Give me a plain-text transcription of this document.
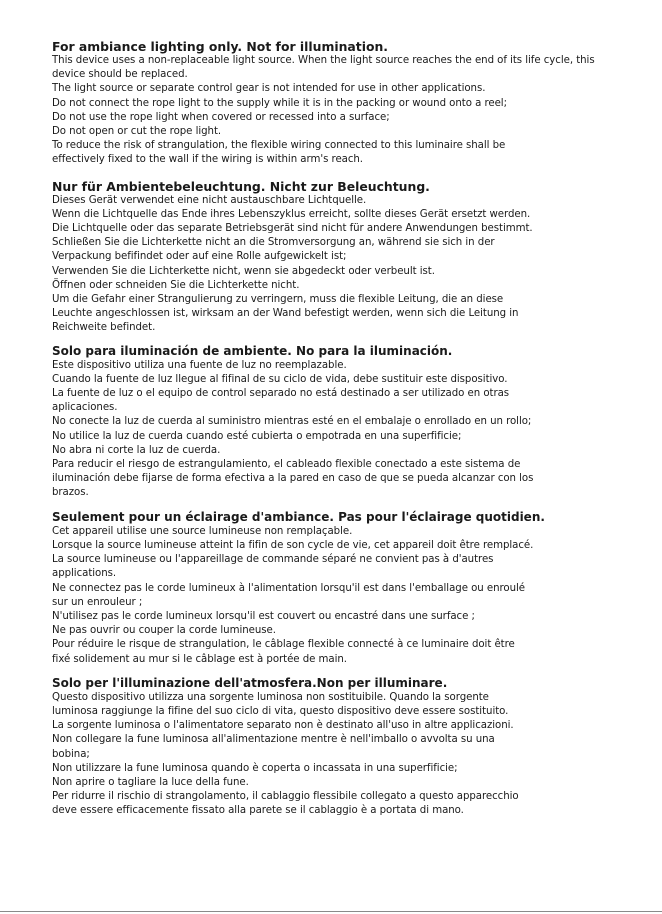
For ambiance lighting only. Not for illumination.

This device uses a non-replaceable light source. When the light source reaches the end of its life cycle, this

device should be replaced.

The light source or separate control gear is not intended for use in other applications.

Do not connect the rope light to the supply while it is in the packing or wound onto a reel;

Do not use the rope light when covered or recessed into a surface;

Do not open or cut the rope light.

To reduce the risk of strangulation, the flexible wiring connected to this luminaire shall be

effectively fixed to the wall if the wiring is within arm's reach.

Nur für Ambientebeleuchtung. Nicht zur Beleuchtung.

Dieses Gerät verwendet eine nicht austauschbare Lichtquelle.

Wenn die Lichtquelle das Ende ihres Lebenszyklus erreicht, sollte dieses Gerät ersetzt werden.

Die Lichtquelle oder das separate Betriebsgerät sind nicht für andere Anwendungen bestimmt.

Schließen Sie die Lichterkette nicht an die Stromversorgung an, während sie sich in der

Verpackung befifindet oder auf eine Rolle aufgewickelt ist;

Verwenden Sie die Lichterkette nicht, wenn sie abgedeckt oder verbeult ist.

Öffnen oder schneiden Sie die Lichterkette nicht.

Um die Gefahr einer Strangulierung zu verringern, muss die flexible Leitung, die an diese

Leuchte angeschlossen ist, wirksam an der Wand befestigt werden, wenn sich die Leitung in

Reichweite befindet.

Solo para iluminación de ambiente. No para la iluminación.

Este dispositivo utiliza una fuente de luz no reemplazable.

Cuando la fuente de luz llegue al fifinal de su ciclo de vida, debe sustituir este dispositivo.

La fuente de luz o el equipo de control separado no está destinado a ser utilizado en otras

aplicaciones.

No conecte la luz de cuerda al suministro mientras esté en el embalaje o enrollado en un rollo;

No utilice la luz de cuerda cuando esté cubierta o empotrada en una superfificie;

No abra ni corte la luz de cuerda.

Para reducir el riesgo de estrangulamiento, el cableado flexible conectado a este sistema de

iluminación debe fijarse de forma efectiva a la pared en caso de que se pueda alcanzar con los

brazos.

Seulement pour un éclairage d'ambiance. Pas pour l'éclairage quotidien.

Cet appareil utilise une source lumineuse non remplaçable.

Lorsque la source lumineuse atteint la fifin de son cycle de vie, cet appareil doit être remplacé.

La source lumineuse ou l'appareillage de commande séparé ne convient pas à d'autres

applications.

Ne connectez pas le corde lumineux à l'alimentation lorsqu'il est dans l'emballage ou enroulé

sur un enrouleur ;

N'utilisez pas le corde lumineux lorsqu'il est couvert ou encastré dans une surface ;

Ne pas ouvrir ou couper la corde lumineuse.

Pour réduire le risque de strangulation, le câblage flexible connecté à ce luminaire doit être

fixé solidement au mur si le câblage est à portée de main.

Solo per l'illuminazione dell'atmosfera.Non per illuminare.

Questo dispositivo utilizza una sorgente luminosa non sostituibile. Quando la sorgente

luminosa raggiunge la fifine del suo ciclo di vita, questo dispositivo deve essere sostituito.

La sorgente luminosa o l'alimentatore separato non è destinato all'uso in altre applicazioni.

Non collegare la fune luminosa all'alimentazione mentre è nell'imballo o avvolta su una

bobina;

Non utilizzare la fune luminosa quando è coperta o incassata in una superfificie;

Non aprire o tagliare la luce della fune.

Per ridurre il rischio di strangolamento, il cablaggio flessibile collegato a questo apparecchio

deve essere efficacemente fissato alla parete se il cablaggio è a portata di mano.
